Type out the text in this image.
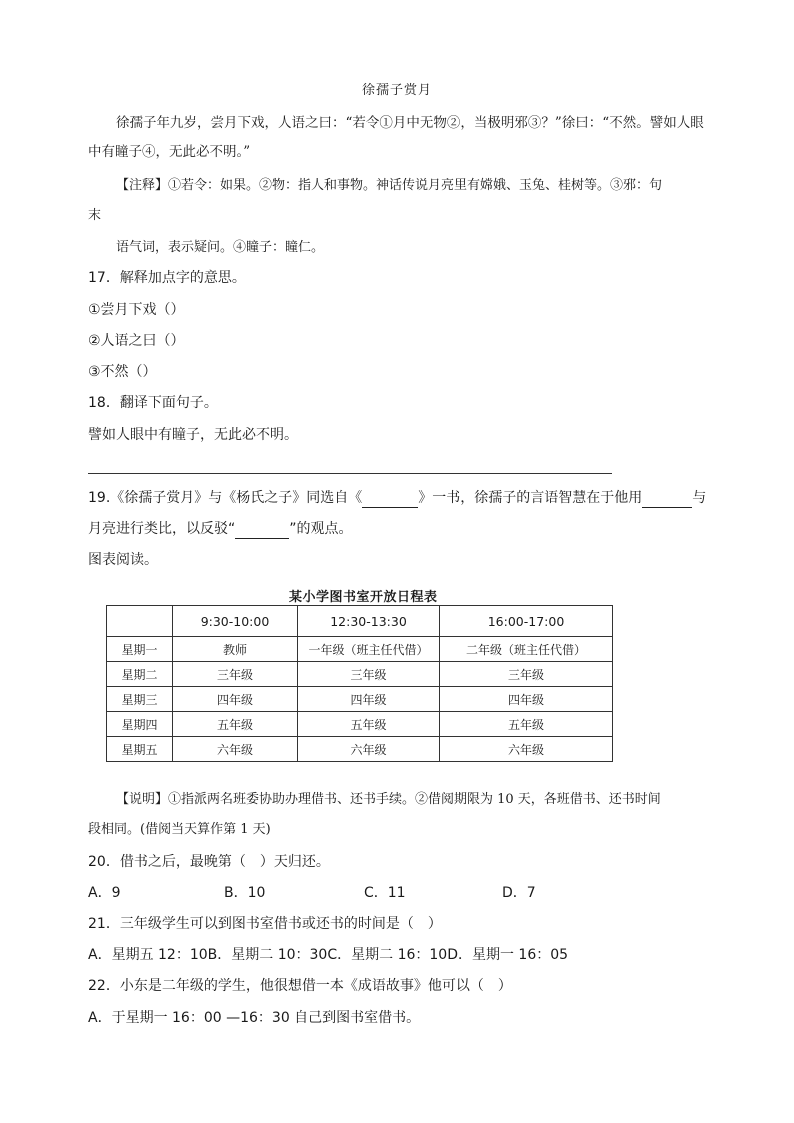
徐孺子赏月
徐孺子年九岁，尝月下戏，人语之曰：“若令①月中无物②，当极明邪③？”徐曰：“不然。譬如人眼
中有瞳子④，无此必不明。”
【注释】①若令：如果。②物：指人和事物。神话传说月亮里有嫦娥、玉兔、桂树等。③邪：句
末
语气词，表示疑问。④瞳子：瞳仁。
17．解释加点字的意思。
①尝月下戏（）
②人语之曰（）
③不然（）
18．翻译下面句子。
譬如人眼中有瞳子，无此必不明。
19.《徐孺子赏月》与《杨氏之子》同选自《	》一书，徐孺子的言语智慧在于他用	与
月亮进行类比，以反驳“	”的观点。
图表阅读。
某小学图书室开放日程表
	9:30-10:00	12:30-13:30	16:00-17:00
星期一	教师	一年级（班主任代借）	二年级（班主任代借）
星期二	三年级	三年级	三年级
星期三	四年级	四年级	四年级
星期四	五年级	五年级	五年级
星期五	六年级	六年级	六年级
【说明】①指派两名班委协助办理借书、还书手续。②借阅期限为 10 天，各班借书、还书时间
段相同。(借阅当天算作第 1 天)
20．借书之后，最晚第（　）天归还。
A．9	B．10	C．11	D．7
21．三年级学生可以到图书室借书或还书的时间是（　）
A．星期五 12：10B．星期二 10：30C．星期二 16：10D．星期一 16：05
22．小东是二年级的学生，他很想借一本《成语故事》他可以（　）
A．于星期一 16：00 —16：30 自己到图书室借书。
